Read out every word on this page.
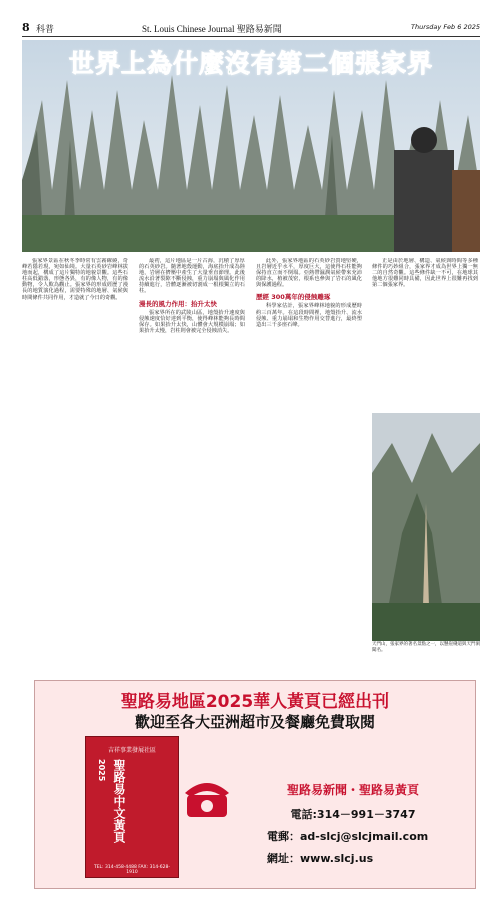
8 科普	St. Louis Chinese Journal 聖路易新聞	Thursday Feb 6 2025
世界上為什麼沒有第二個張家界

張家界景區在秋冬季時常有雲霧繚繞，奇峰若隱若現，宛如仙境。大量石英砂岩峰林拔地而起，構成了這片獨特的地貌景觀。這些石柱高低錯落，形態各異，有的像人物，有的像動物，令人歎為觀止。張家界的形成經歷了漫長的地質演化過程，需要特殊的地層、氣候與時間條件共同作用，才造就了今日的奇觀。

最初，這片地區是一片古海，沉積了厚厚的石英砂岩。隨著地殼運動，海底抬升成為陸地，岩層在擠壓中產生了大量垂直節理。此後流水沿著裂隙不斷侵蝕，重力崩塌與風化作用持續進行，岩體逐漸被切割成一根根獨立的石柱。

漫長的風力作用：抬升太快

張家界所在的武陵山區，地殼抬升速度與侵蝕速度恰好達到平衡，使得峰林能夠長時間保存。如果抬升太快，山體會大規模崩塌；如果抬升太慢，岩柱則會被完全侵蝕消失。

此外，張家界地區的石英砂岩質地堅硬，且岩層近乎水平，厚度巨大，這使得石柱能夠保持直立而不倒塌。亞熱帶濕潤氣候帶來充沛的降水，植被茂密，根系也參與了岩石的風化與保護過程。

歷經 300萬年的侵蝕雕琢

科學家估計，張家界峰林地貌的形成歷時約三百萬年。在這段時間裡，地殼抬升、流水侵蝕、重力崩塌和生物作用交替進行，最終塑造出三千多座石峰。

正是由於地層、構造、氣候與時間等多種條件的巧妙組合，張家界才成為世界上獨一無二的自然奇觀。這些條件缺一不可，在地球其他地方很難同時具備，因此世界上很難再找到第二個張家界。

天門山，張家界的著名景點之一，以懸崖棧道與天門洞聞名。
聖路易地區2025華人黃頁已經出刊
歡迎至各大亞洲超市及餐廳免費取閱
吉祥事業發展社區
2025 聖路易中文黃頁
TEL: 314-458-4488 FAX: 314-628-1910
聖路易新聞・聖路易黃頁
電話:314－991－3747
電郵：ad-slcj@slcjmail.com
網址：www.slcj.us
